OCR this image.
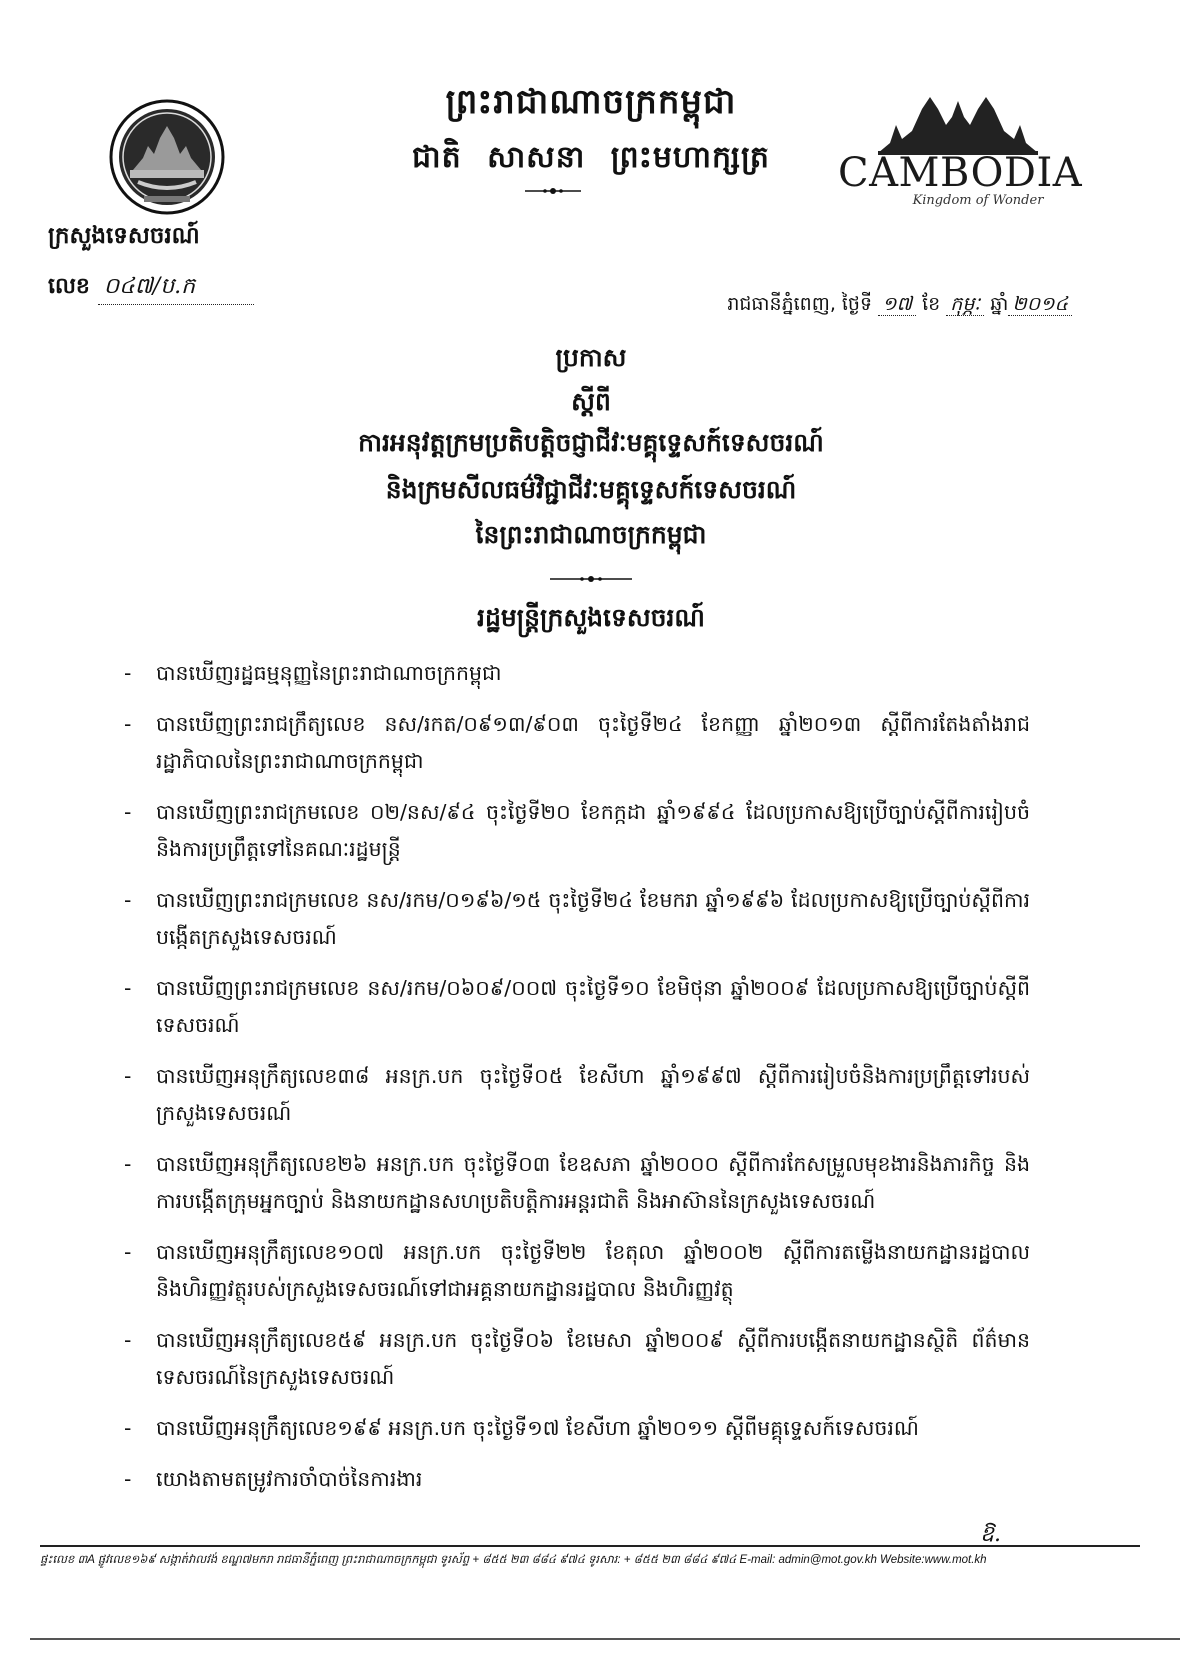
ព្រះរាជាណាចក្រកម្ពុជា
ជាតិ សាសនា ព្រះមហាក្សត្រ	CAMBODIA
Kingdom of Wonder
ក្រសួងទេសចរណ៍
លេខ ០៤៧/ប.ក
រាជធានីភ្នំពេញ, ថ្ងៃទី ១៧ ខែ កុម្ភៈ ឆ្នាំ ២០១៤
ប្រកាស
ស្តីពី
ការអនុវត្តក្រមប្រតិបត្តិចជ្ញាជីវៈមគ្គុទ្ទេសក៍ទេសចរណ៍
និងក្រមសីលធម៌វិជ្ជាជីវៈមគ្គុទ្ទេសក៍ទេសចរណ៍
នៃព្រះរាជាណាចក្រកម្ពុជា
រដ្ឋមន្ត្រីក្រសួងទេសចរណ៍
- បានឃើញរដ្ឋធម្មនុញ្ញនៃព្រះរាជាណាចក្រកម្ពុជា
- បានឃើញព្រះរាជក្រឹត្យលេខ នស/រកត/០៩១៣/៩០៣ ចុះថ្ងៃទី២៤ ខែកញ្ញា ឆ្នាំ២០១៣ ស្តីពីការតែងតាំងរាជរដ្ឋាភិបាលនៃព្រះរាជាណាចក្រកម្ពុជា
- បានឃើញព្រះរាជក្រមលេខ ០២/នស/៩៤ ចុះថ្ងៃទី២០ ខែកក្កដា ឆ្នាំ១៩៩៤ ដែលប្រកាសឱ្យប្រើច្បាប់ស្តីពីការរៀបចំនិងការប្រព្រឹត្តទៅនៃគណៈរដ្ឋមន្ត្រី
- បានឃើញព្រះរាជក្រមលេខ នស/រកម/០១៩៦/១៥ ចុះថ្ងៃទី២៤ ខែមករា ឆ្នាំ១៩៩៦ ដែលប្រកាសឱ្យប្រើច្បាប់ស្តីពីការបង្កើតក្រសួងទេសចរណ៍
- បានឃើញព្រះរាជក្រមលេខ នស/រកម/០៦០៩/០០៧ ចុះថ្ងៃទី១០ ខែមិថុនា ឆ្នាំ២០០៩ ដែលប្រកាសឱ្យប្រើច្បាប់ស្តីពីទេសចរណ៍
- បានឃើញអនុក្រឹត្យលេខ៣៨ អនក្រ.បក ចុះថ្ងៃទី០៥ ខែសីហា ឆ្នាំ១៩៩៧ ស្តីពីការរៀបចំនិងការប្រព្រឹត្តទៅរបស់ក្រសួងទេសចរណ៍
- បានឃើញអនុក្រឹត្យលេខ២៦ អនក្រ.បក ចុះថ្ងៃទី០៣ ខែឧសភា ឆ្នាំ២០០០ ស្តីពីការកែសម្រួលមុខងារនិងភារកិច្ច និងការបង្កើតក្រុមអ្នកច្បាប់ និងនាយកដ្ឋានសហប្រតិបត្តិការអន្តរជាតិ និងអាស៊ាននៃក្រសួងទេសចរណ៍
- បានឃើញអនុក្រឹត្យលេខ១០៧ អនក្រ.បក ចុះថ្ងៃទី២២ ខែតុលា ឆ្នាំ២០០២ ស្តីពីការតម្លើងនាយកដ្ឋានរដ្ឋបាល និងហិរញ្ញវត្ថុរបស់ក្រសួងទេសចរណ៍ទៅជាអគ្គនាយកដ្ឋានរដ្ឋបាល និងហិរញ្ញវត្ថុ
- បានឃើញអនុក្រឹត្យលេខ៥៩ អនក្រ.បក ចុះថ្ងៃទី០៦ ខែមេសា ឆ្នាំ២០០៩ ស្តីពីការបង្កើតនាយកដ្ឋានស្ថិតិ ព័ត៌មានទេសចរណ៍នៃក្រសួងទេសចរណ៍
- បានឃើញអនុក្រឹត្យលេខ១៩៩ អនក្រ.បក ចុះថ្ងៃទី១៧ ខែសីហា ឆ្នាំ២០១១ ស្តីពីមគ្គុទ្ទេសក៍ទេសចរណ៍
- យោងតាមតម្រូវការចាំបាច់នៃការងារ
ឱ.
ផ្ទះលេខ ៣A ផ្លូវលេខ១៦៩ សង្កាត់វាលវង់ ខណ្ឌ៧មករា រាជធានីភ្នំពេញ ព្រះរាជាណាចក្រកម្ពុជា ទូរស័ព្ទ + ៨៥៥ ២៣ ៨៨៤ ៩៧៤ ទូរសារ: + ៨៥៥ ២៣ ៨៨៤ ៩៧៤ E-mail: admin@mot.gov.kh Website:www.mot.kh
